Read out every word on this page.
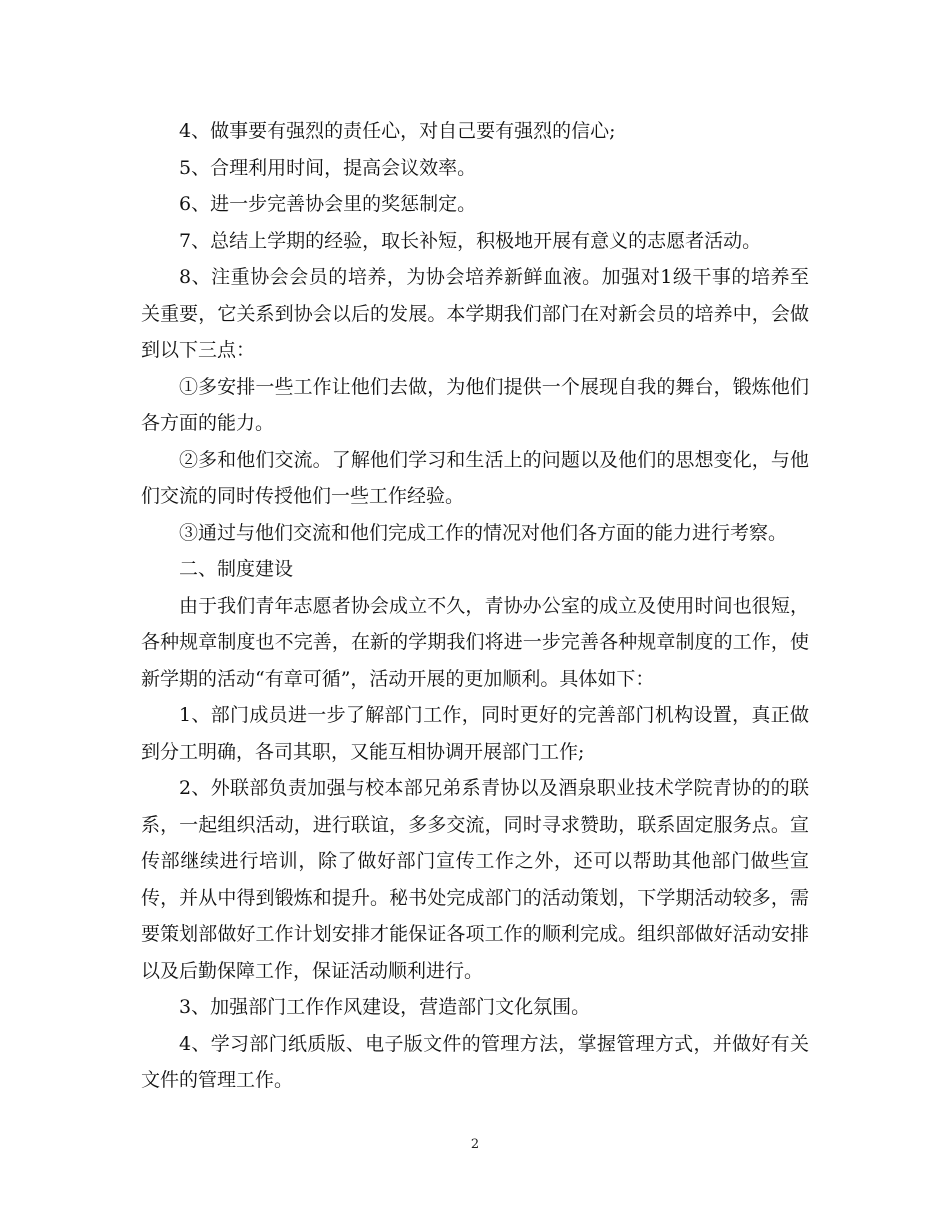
4、做事要有强烈的责任心，对自己要有强烈的信心;

5、合理利用时间，提高会议效率。

6、进一步完善协会里的奖惩制定。

7、总结上学期的经验，取长补短，积极地开展有意义的志愿者活动。

8、注重协会会员的培养，为协会培养新鲜血液。加强对1级干事的培养至关重要，它关系到协会以后的发展。本学期我们部门在对新会员的培养中，会做到以下三点：

①多安排一些工作让他们去做，为他们提供一个展现自我的舞台，锻炼他们各方面的能力。

②多和他们交流。了解他们学习和生活上的问题以及他们的思想变化，与他们交流的同时传授他们一些工作经验。

③通过与他们交流和他们完成工作的情况对他们各方面的能力进行考察。

二、制度建设

由于我们青年志愿者协会成立不久，青协办公室的成立及使用时间也很短，各种规章制度也不完善，在新的学期我们将进一步完善各种规章制度的工作，使新学期的活动“有章可循”，活动开展的更加顺利。具体如下：

1、部门成员进一步了解部门工作，同时更好的完善部门机构设置，真正做到分工明确，各司其职，又能互相协调开展部门工作;

2、外联部负责加强与校本部兄弟系青协以及酒泉职业技术学院青协的的联系，一起组织活动，进行联谊，多多交流，同时寻求赞助，联系固定服务点。宣传部继续进行培训，除了做好部门宣传工作之外，还可以帮助其他部门做些宣传，并从中得到锻炼和提升。秘书处完成部门的活动策划，下学期活动较多，需要策划部做好工作计划安排才能保证各项工作的顺利完成。组织部做好活动安排以及后勤保障工作，保证活动顺利进行。

3、加强部门工作作风建设，营造部门文化氛围。

4、学习部门纸质版、电子版文件的管理方法，掌握管理方式，并做好有关文件的管理工作。

2
